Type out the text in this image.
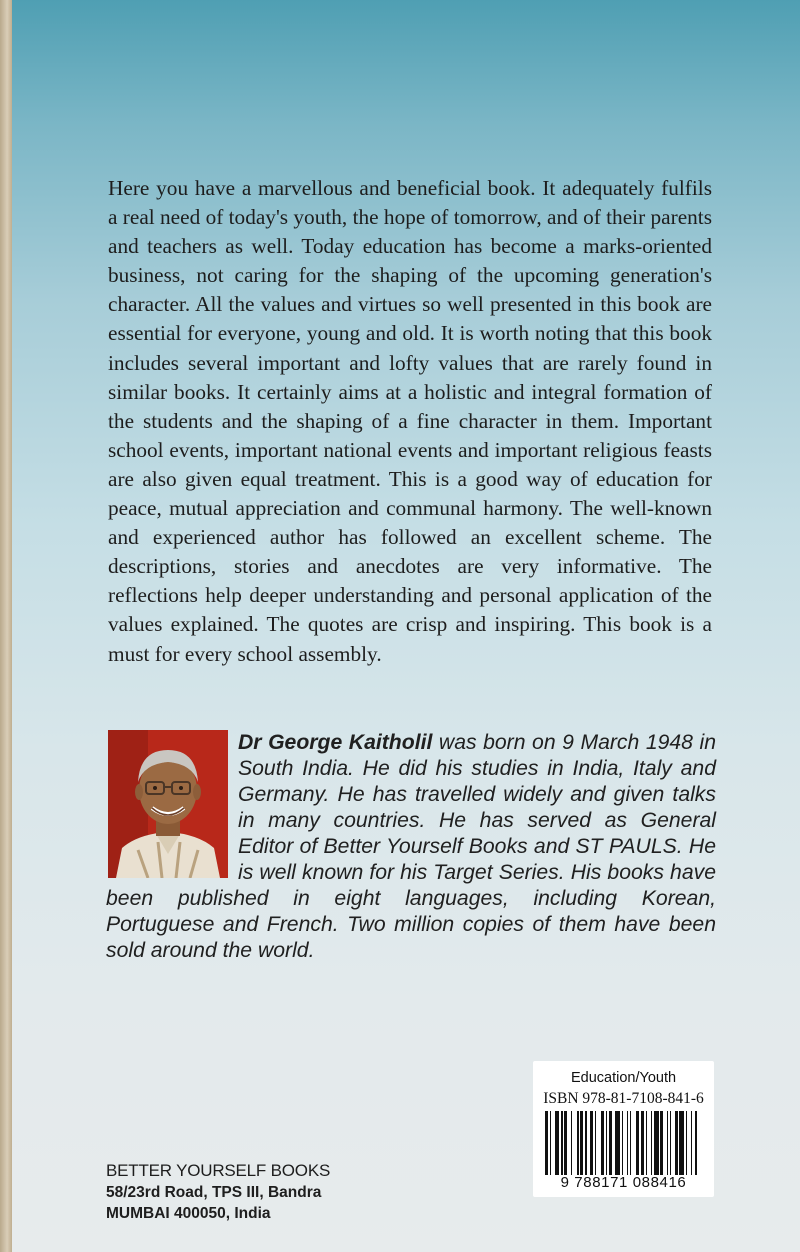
Here you have a marvellous and beneficial book. It adequately fulfils a real need of today's youth, the hope of tomorrow, and of their parents and teachers as well. Today education has become a marks-oriented business, not caring for the shaping of the upcoming generation's character. All the values and virtues so well presented in this book are essential for everyone, young and old. It is worth noting that this book includes several important and lofty values that are rarely found in similar books. It certainly aims at a holistic and integral formation of the students and the shaping of a fine character in them. Important school events, important national events and important religious feasts are also given equal treatment. This is a good way of education for peace, mutual appreciation and communal harmony. The well-known and experienced author has followed an excellent scheme. The descriptions, stories and anecdotes are very informative. The reflections help deeper understanding and personal application of the values explained. The quotes are crisp and inspiring. This book is a must for every school assembly.

Dr George Kaitholil was born on 9 March 1948 in South India. He did his studies in India, Italy and Germany. He has travelled widely and given talks in many countries. He has served as General Editor of Better Yourself Books and ST PAULS. He is well known for his Target Series. His books have been published in eight languages, including Korean, Portuguese and French. Two million copies of them have been sold around the world.

BETTER YOURSELF BOOKS
58/23rd Road, TPS III, Bandra
MUMBAI 400050, India
Education/Youth
ISBN 978-81-7108-841-6
9 788171 088416
